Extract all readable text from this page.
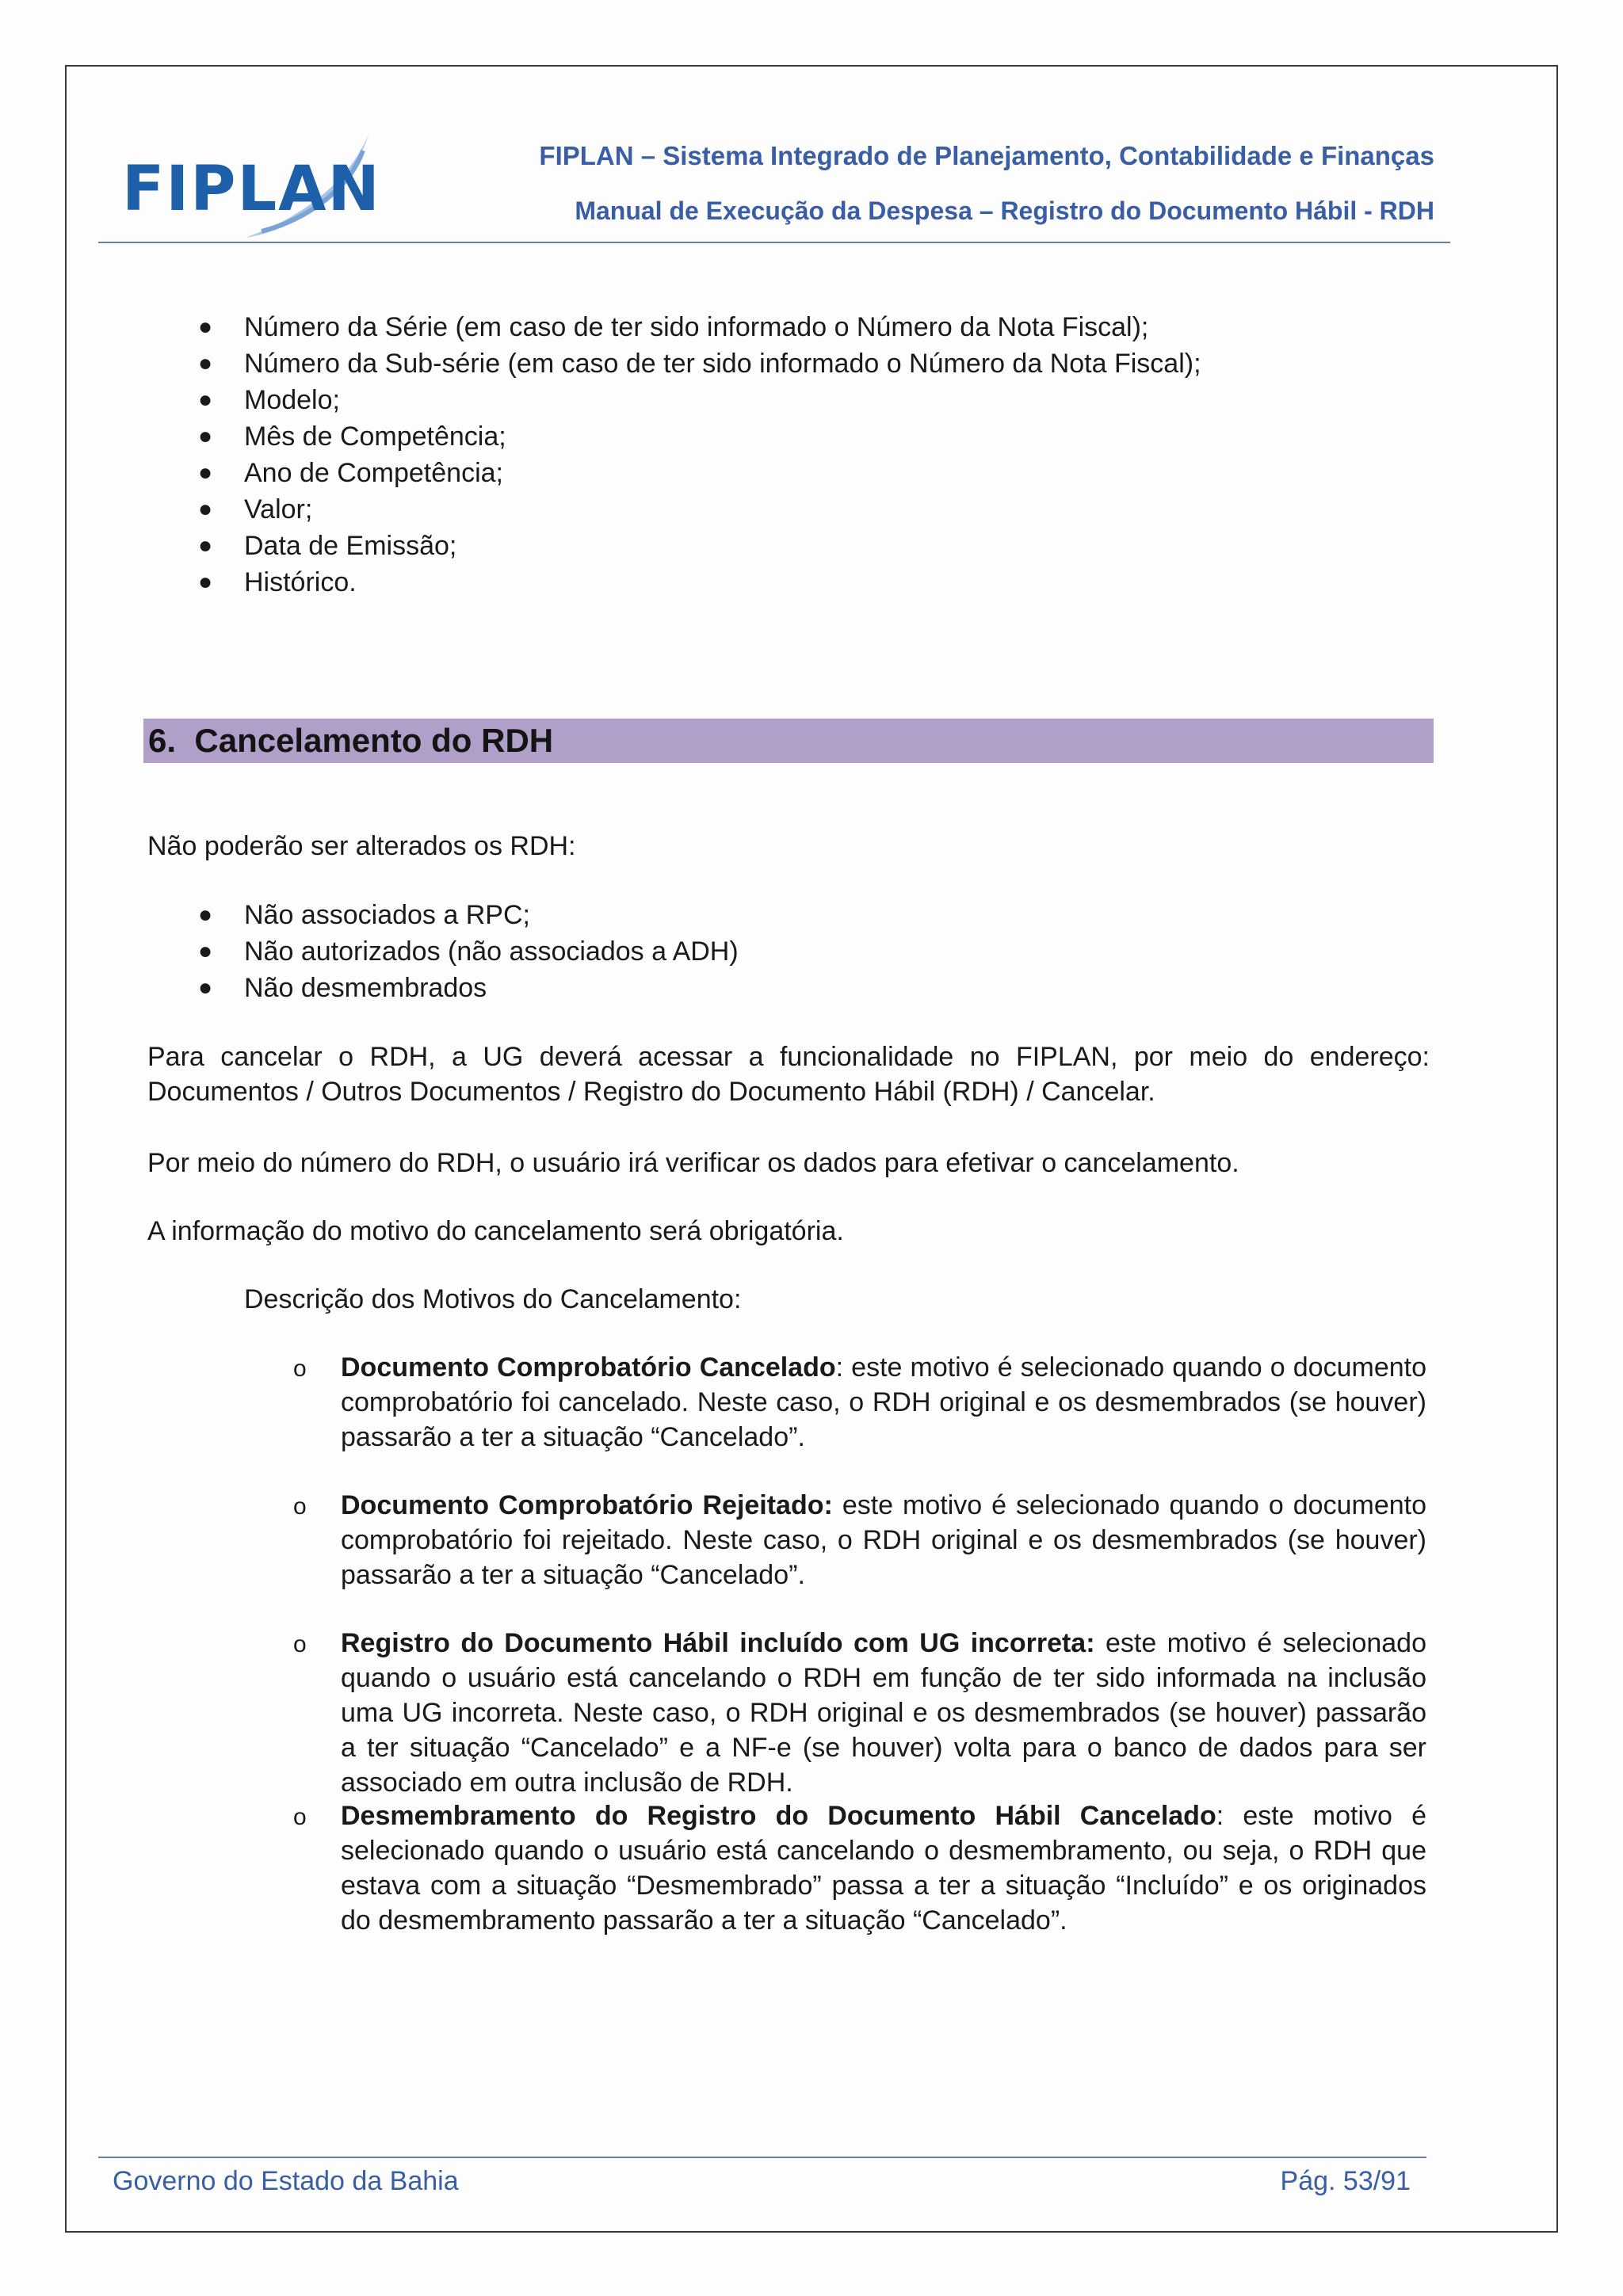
FIPLAN	FIPLAN – Sistema Integrado de Planejamento, Contabilidade e Finanças
Manual de Execução da Despesa – Registro do Documento Hábil - RDH
● Número da Série (em caso de ter sido informado o Número da Nota Fiscal);
● Número da Sub-série (em caso de ter sido informado o Número da Nota Fiscal);
● Modelo;
● Mês de Competência;
● Ano de Competência;
● Valor;
● Data de Emissão;
● Histórico.
6. Cancelamento do RDH

Não poderão ser alterados os RDH:

● Não associados a RPC;
● Não autorizados (não associados a ADH)
● Não desmembrados

Para cancelar o RDH, a UG deverá acessar a funcionalidade no FIPLAN, por meio do endereço: Documentos / Outros Documentos / Registro do Documento Hábil (RDH) / Cancelar.

Por meio do número do RDH, o usuário irá verificar os dados para efetivar o cancelamento.

A informação do motivo do cancelamento será obrigatória.

Descrição dos Motivos do Cancelamento:

o Documento Comprobatório Cancelado: este motivo é selecionado quando o documento comprobatório foi cancelado. Neste caso, o RDH original e os desmembrados (se houver) passarão a ter a situação “Cancelado”.

o Documento Comprobatório Rejeitado: este motivo é selecionado quando o documento comprobatório foi rejeitado. Neste caso, o RDH original e os desmembrados (se houver) passarão a ter a situação “Cancelado”.

o Registro do Documento Hábil incluído com UG incorreta: este motivo é selecionado quando o usuário está cancelando o RDH em função de ter sido informada na inclusão uma UG incorreta. Neste caso, o RDH original e os desmembrados (se houver) passarão a ter situação “Cancelado” e a NF-e (se houver) volta para o banco de dados para ser associado em outra inclusão de RDH.

o Desmembramento do Registro do Documento Hábil Cancelado: este motivo é selecionado quando o usuário está cancelando o desmembramento, ou seja, o RDH que estava com a situação “Desmembrado” passa a ter a situação “Incluído” e os originados do desmembramento passarão a ter a situação “Cancelado”.

Governo do Estado da Bahia	Pág. 53/91
